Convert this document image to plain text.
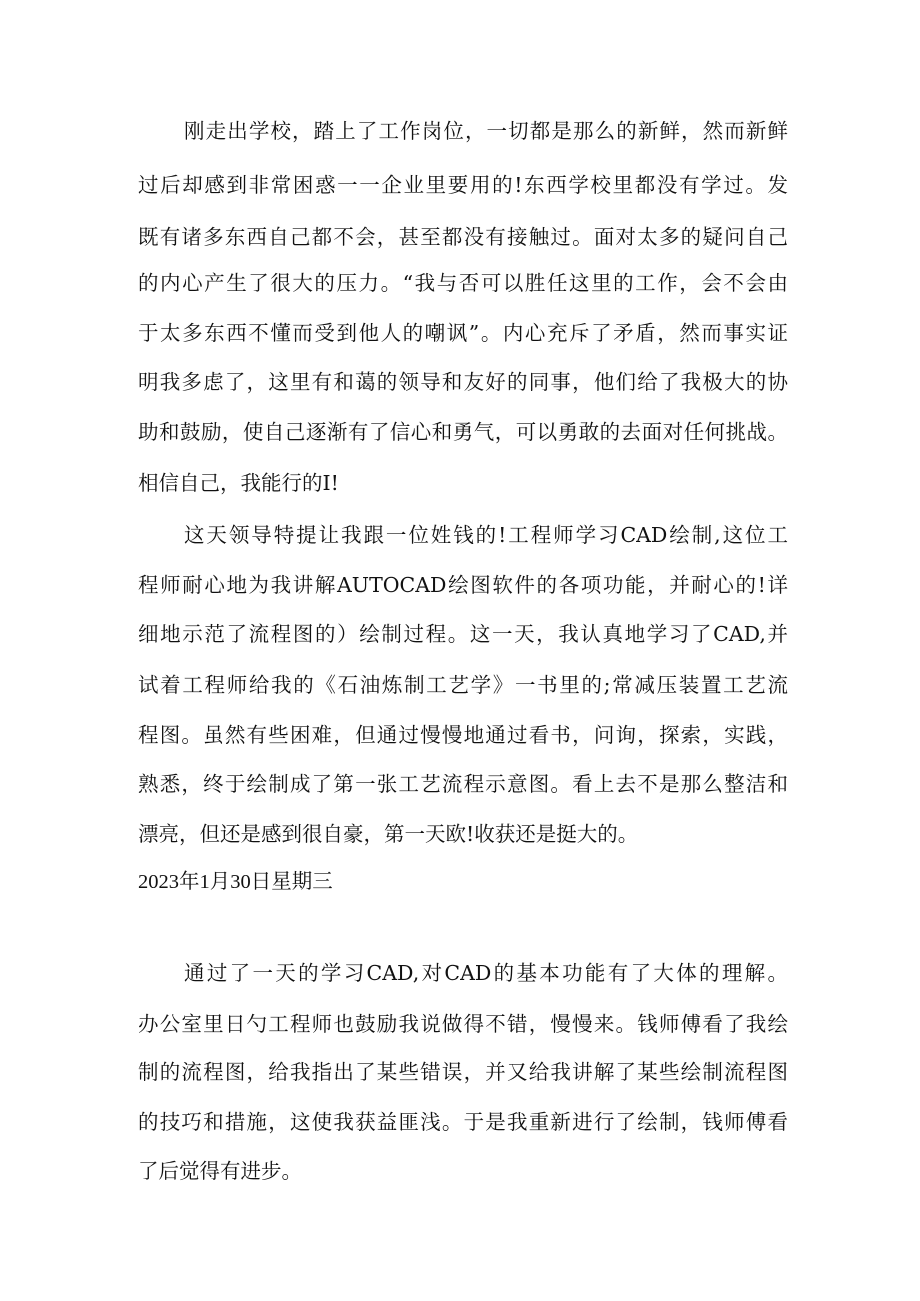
刚走出学校，踏上了工作岗位，一切都是那么的新鲜，然而新鲜

过后却感到非常困惑一一企业里要用的!东西学校里都没有学过。发

既有诸多东西自己都不会，甚至都没有接触过。面对太多的疑问自己

的内心产生了很大的压力。“我与否可以胜任这里的工作，会不会由

于太多东西不懂而受到他人的嘲讽”。内心充斥了矛盾，然而事实证

明我多虑了，这里有和蔼的领导和友好的同事，他们给了我极大的协

助和鼓励，使自己逐渐有了信心和勇气，可以勇敢的去面对任何挑战。

相信自己，我能行的I!

这天领导特提让我跟一位姓钱的!工程师学习CAD绘制,这位工

程师耐心地为我讲解AUTOCAD绘图软件的各项功能，并耐心的!详

细地示范了流程图的）绘制过程。这一天，我认真地学习了CAD,并

试着工程师给我的《石油炼制工艺学》一书里的;常减压装置工艺流

程图。虽然有些困难，但通过慢慢地通过看书，问询，探索，实践，

熟悉，终于绘制成了第一张工艺流程示意图。看上去不是那么整洁和

漂亮，但还是感到很自豪，第一天欧!收获还是挺大的。

2023年1月30日星期三

通过了一天的学习CAD,对CAD的基本功能有了大体的理解。

办公室里日勺工程师也鼓励我说做得不错，慢慢来。钱师傅看了我绘

制的流程图，给我指出了某些错误，并又给我讲解了某些绘制流程图

的技巧和措施，这使我获益匪浅。于是我重新进行了绘制，钱师傅看

了后觉得有进步。
